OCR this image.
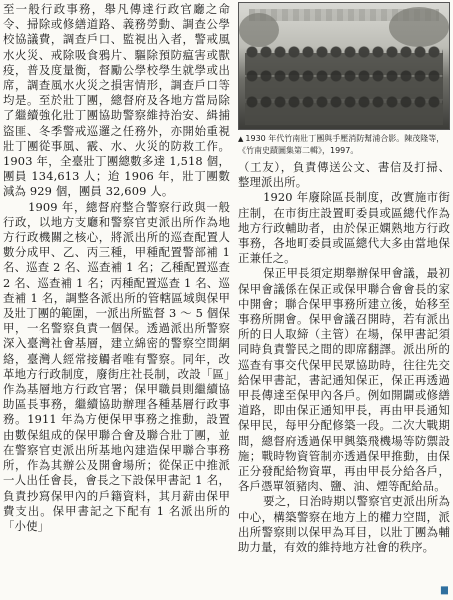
至一般行政事務，舉凡傳達行政官廳之命令、掃除或修繕道路、義務勞動、調查公學校協議費，調查戶口、監視出入者，警戒風水火災、戒除吸食鴉片、驅除預防瘟害或獸疫，普及度量衡，督勵公學校學生就學或出席，調查風水火災之損害情形，調查戶口等均是。至於壯丁團，總督府及各地方當局除了繼續強化壯丁團協助警察維持治安、緝捕盜匪、冬季警戒巡邏之任務外，亦開始重視壯丁團從事風、霰、水、火災的防救工作。1903 年，全臺壯丁團總數多達 1,518 個，團員 134,613 人；迨 1906 年，壯丁團數減為 929 個，團員 32,609 人。

1909 年，總督府整合警察行政與一般行政，以地方支廳和警察官吏派出所作為地方行政機關之核心，將派出所的巡查配置人數分成甲、乙、丙三種，甲種配置警部補 1 名、巡查 2 名、巡查補 1 名；乙種配置巡查 2 名、巡查補 1 名；丙種配置巡查 1 名、巡查補 1 名，調整各派出所的管轄區域與保甲及壯丁團的範圍，一派出所監督 3 ～ 5 個保甲，一名警察負責一個保。透過派出所警察深入臺灣社會基層，建立綿密的警察空間網絡，臺灣人經常接觸者唯有警察。同年，改革地方行政制度，廢街庄社長制，改設「區」作為基層地方行政官署；保甲職員則繼續協助區長事務，繼續協助辦理各種基層行政事務。1911 年為方便保甲事務之推動，設置由數保組成的保甲聯合會及聯合壯丁團，並在警察官吏派出所基地內建造保甲聯合事務所，作為其辦公及開會場所；從保正中推派一人出任會長，會長之下設保甲書記 1 名，負責抄寫保甲內的戶籍資料，其月薪由保甲費支出。保甲書記之下配有 1 名派出所的「小使」

▲ 1930 年代竹南壯丁團與手壓消防幫浦合影。陳茂隆等，《竹南史蹟圖集第二輯》，1997。

（工友），負責傳送公文、書信及打掃、整理派出所。

1920 年廢除區長制度，改實施市街庄制，在市街庄設置町委員或區總代作為地方行政輔助者，由於保正嫻熟地方行政事務，各地町委員或區總代大多由當地保正兼任之。

保正甲長須定期舉辦保甲會議，最初保甲會議係在保正或保甲聯合會會長的家中開會；聯合保甲事務所建立後，始移至事務所開會。保甲會議召開時，若有派出所的日人取締（主管）在場，保甲書記須同時負責警民之間的即席翻譯。派出所的巡查有事交代保甲民眾協助時，往往先交給保甲書記，書記通知保正，保正再透過甲長傳達至保甲內各戶。例如開闢或修繕道路，即由保正通知甲長，再由甲長通知保甲民，每甲分配修築一段。二次大戰期間，總督府透過保甲興築飛機場等防禦設施；戰時物資管制亦透過保甲推動，由保正分發配給物資單，再由甲長分給各戶，各戶憑單領豬肉、鹽、油、煙等配給品。

要之，日治時期以警察官吏派出所為中心，構築警察在地方上的權力空間，派出所警察則以保甲為耳目，以壯丁團為輔助力量，有效的維持地方社會的秩序。

▆
